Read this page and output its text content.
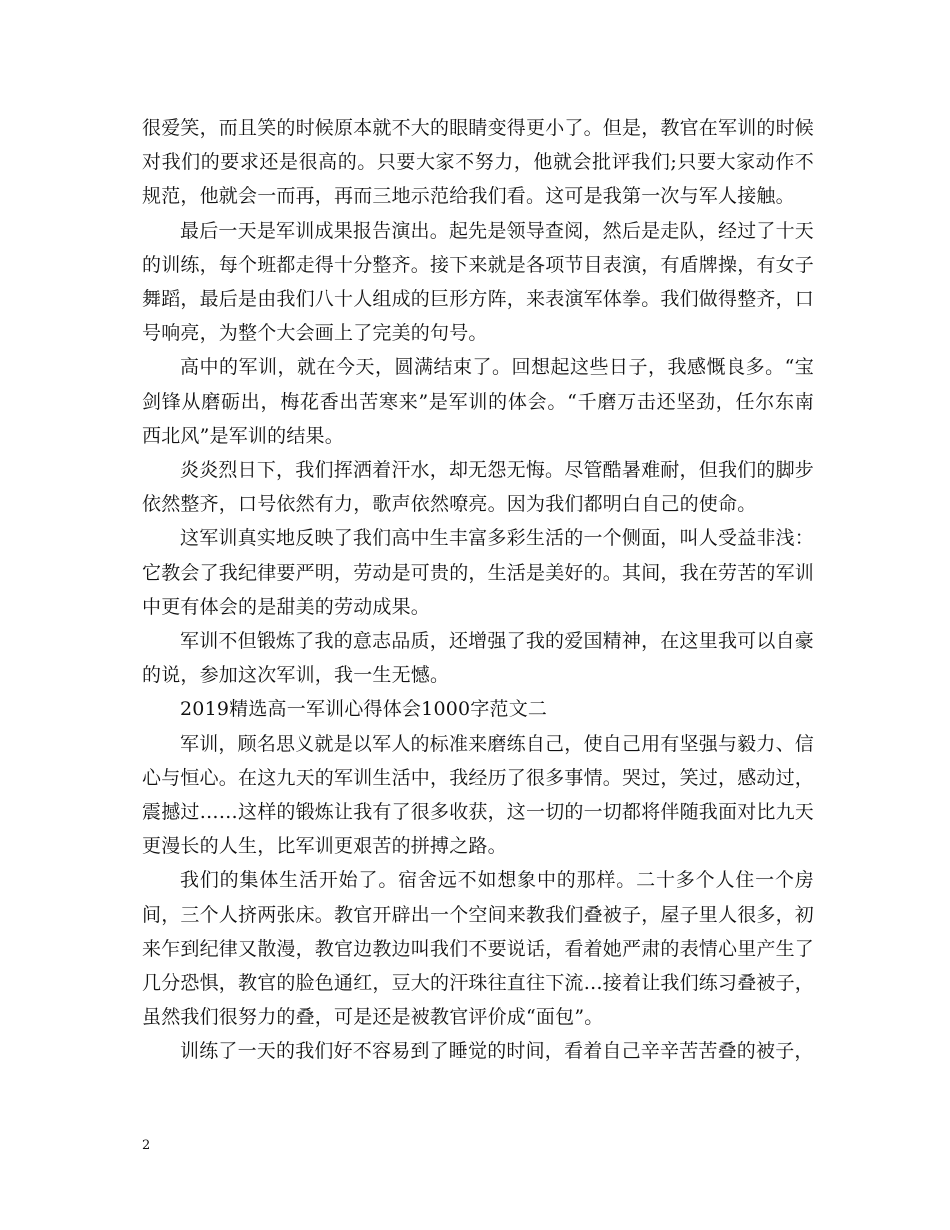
很爱笑，而且笑的时候原本就不大的眼睛变得更小了。但是，教官在军训的时候对我们的要求还是很高的。只要大家不努力，他就会批评我们;只要大家动作不规范，他就会一而再，再而三地示范给我们看。这可是我第一次与军人接触。

最后一天是军训成果报告演出。起先是领导查阅，然后是走队，经过了十天的训练，每个班都走得十分整齐。接下来就是各项节目表演，有盾牌操，有女子舞蹈，最后是由我们八十人组成的巨形方阵，来表演军体拳。我们做得整齐，口号响亮，为整个大会画上了完美的句号。

高中的军训，就在今天，圆满结束了。回想起这些日子，我感慨良多。“宝剑锋从磨砺出，梅花香出苦寒来”是军训的体会。“千磨万击还坚劲，任尔东南西北风”是军训的结果。

炎炎烈日下，我们挥洒着汗水，却无怨无悔。尽管酷暑难耐，但我们的脚步依然整齐，口号依然有力，歌声依然嘹亮。因为我们都明白自己的使命。

这军训真实地反映了我们高中生丰富多彩生活的一个侧面，叫人受益非浅：它教会了我纪律要严明，劳动是可贵的，生活是美好的。其间，我在劳苦的军训中更有体会的是甜美的劳动成果。

军训不但锻炼了我的意志品质，还增强了我的爱国精神，在这里我可以自豪的说，参加这次军训，我一生无憾。

2019精选高一军训心得体会1000字范文二

军训，顾名思义就是以军人的标准来磨练自己，使自己用有坚强与毅力、信心与恒心。在这九天的军训生活中，我经历了很多事情。哭过，笑过，感动过，震撼过……这样的锻炼让我有了很多收获，这一切的一切都将伴随我面对比九天更漫长的人生，比军训更艰苦的拼搏之路。

我们的集体生活开始了。宿舍远不如想象中的那样。二十多个人住一个房间，三个人挤两张床。教官开辟出一个空间来教我们叠被子，屋子里人很多，初来乍到纪律又散漫，教官边教边叫我们不要说话，看着她严肃的表情心里产生了几分恐惧，教官的脸色通红，豆大的汗珠往直往下流…接着让我们练习叠被子，虽然我们很努力的叠，可是还是被教官评价成“面包”。

训练了一天的我们好不容易到了睡觉的时间，看着自己辛辛苦苦叠的被子，

2
